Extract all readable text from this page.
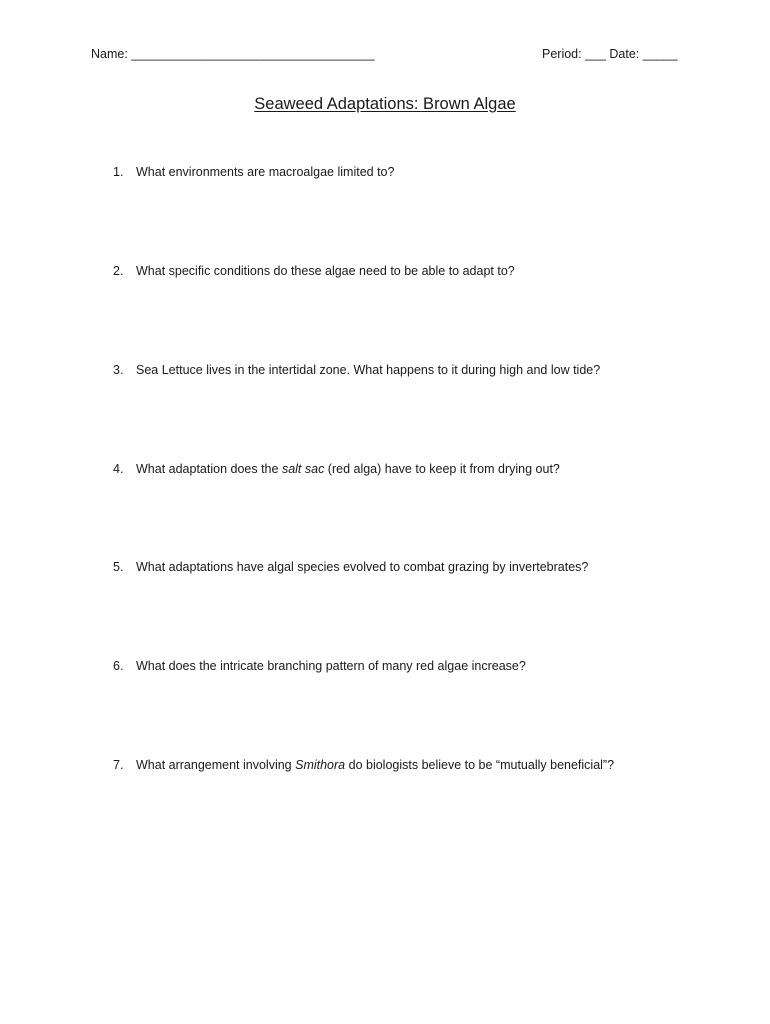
Name: ___________________________________	Period: ___ Date: _____
Seaweed Adaptations: Brown Algae
1. What environments are macroalgae limited to?
2. What specific conditions do these algae need to be able to adapt to?
3. Sea Lettuce lives in the intertidal zone. What happens to it during high and low tide?
4. What adaptation does the salt sac (red alga) have to keep it from drying out?
5. What adaptations have algal species evolved to combat grazing by invertebrates?
6. What does the intricate branching pattern of many red algae increase?
7. What arrangement involving Smithora do biologists believe to be “mutually beneficial”?
